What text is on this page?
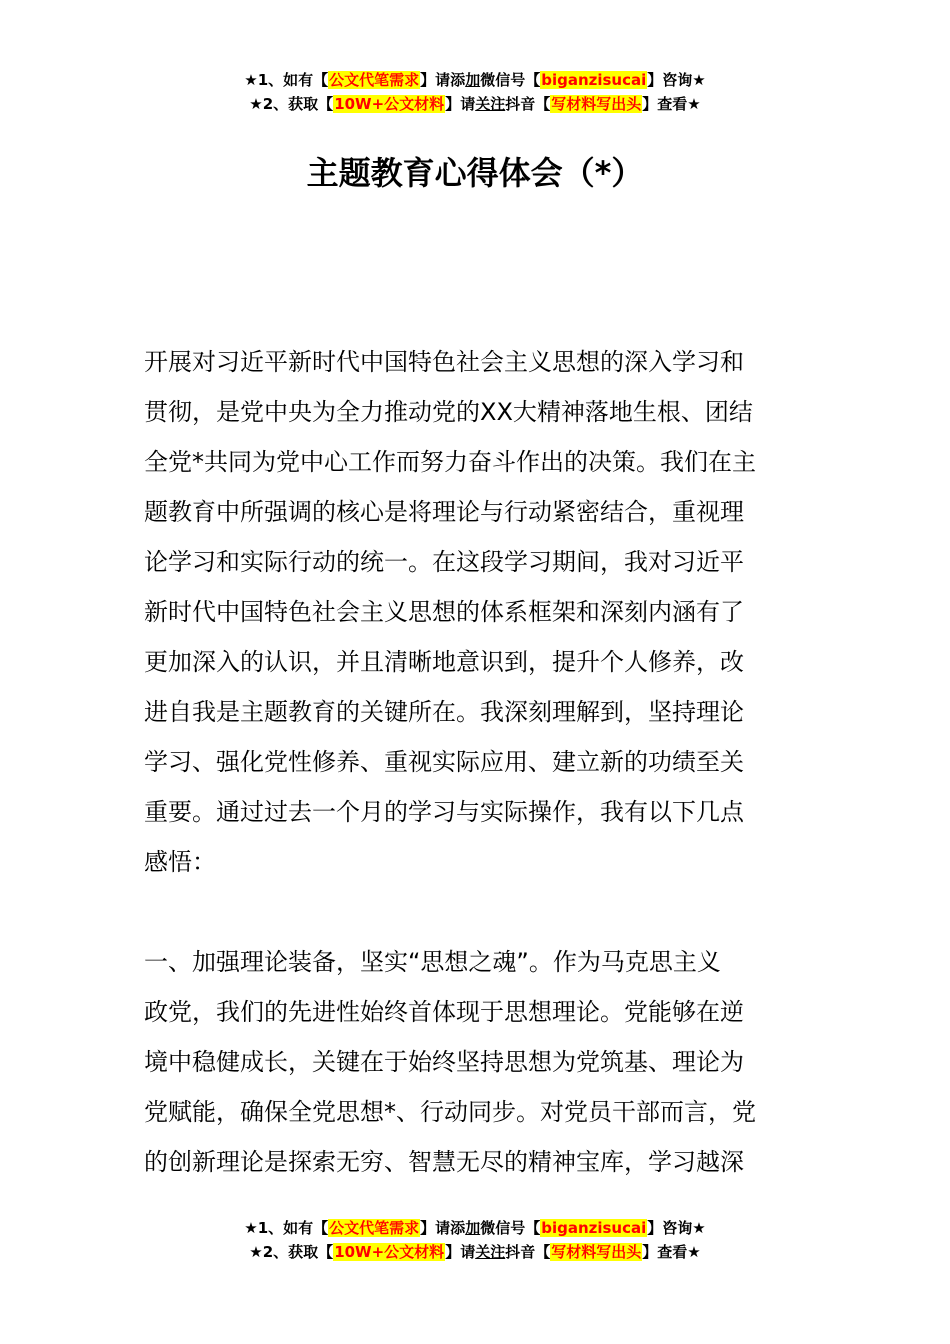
★1、如有【公文代笔需求】请添加微信号【biganzisucai】咨询★
★2、获取【10W+公文材料】请关注抖音【写材料写出头】查看★
主题教育心得体会（*）
开展对习近平新时代中国特色社会主义思想的深入学习和
贯彻，是党中央为全力推动党的XX大精神落地生根、团结
全党*共同为党中心工作而努力奋斗作出的决策。我们在主
题教育中所强调的核心是将理论与行动紧密结合，重视理
论学习和实际行动的统一。在这段学习期间，我对习近平
新时代中国特色社会主义思想的体系框架和深刻内涵有了
更加深入的认识，并且清晰地意识到，提升个人修养，改
进自我是主题教育的关键所在。我深刻理解到，坚持理论
学习、强化党性修养、重视实际应用、建立新的功绩至关
重要。通过过去一个月的学习与实际操作，我有以下几点
感悟：
一、加强理论装备，坚实“思想之魂”。作为马克思主义
政党，我们的先进性始终首体现于思想理论。党能够在逆
境中稳健成长，关键在于始终坚持思想为党筑基、理论为
党赋能，确保全党思想*、行动同步。对党员干部而言，党
的创新理论是探索无穷、智慧无尽的精神宝库，学习越深
★1、如有【公文代笔需求】请添加微信号【biganzisucai】咨询★
★2、获取【10W+公文材料】请关注抖音【写材料写出头】查看★
